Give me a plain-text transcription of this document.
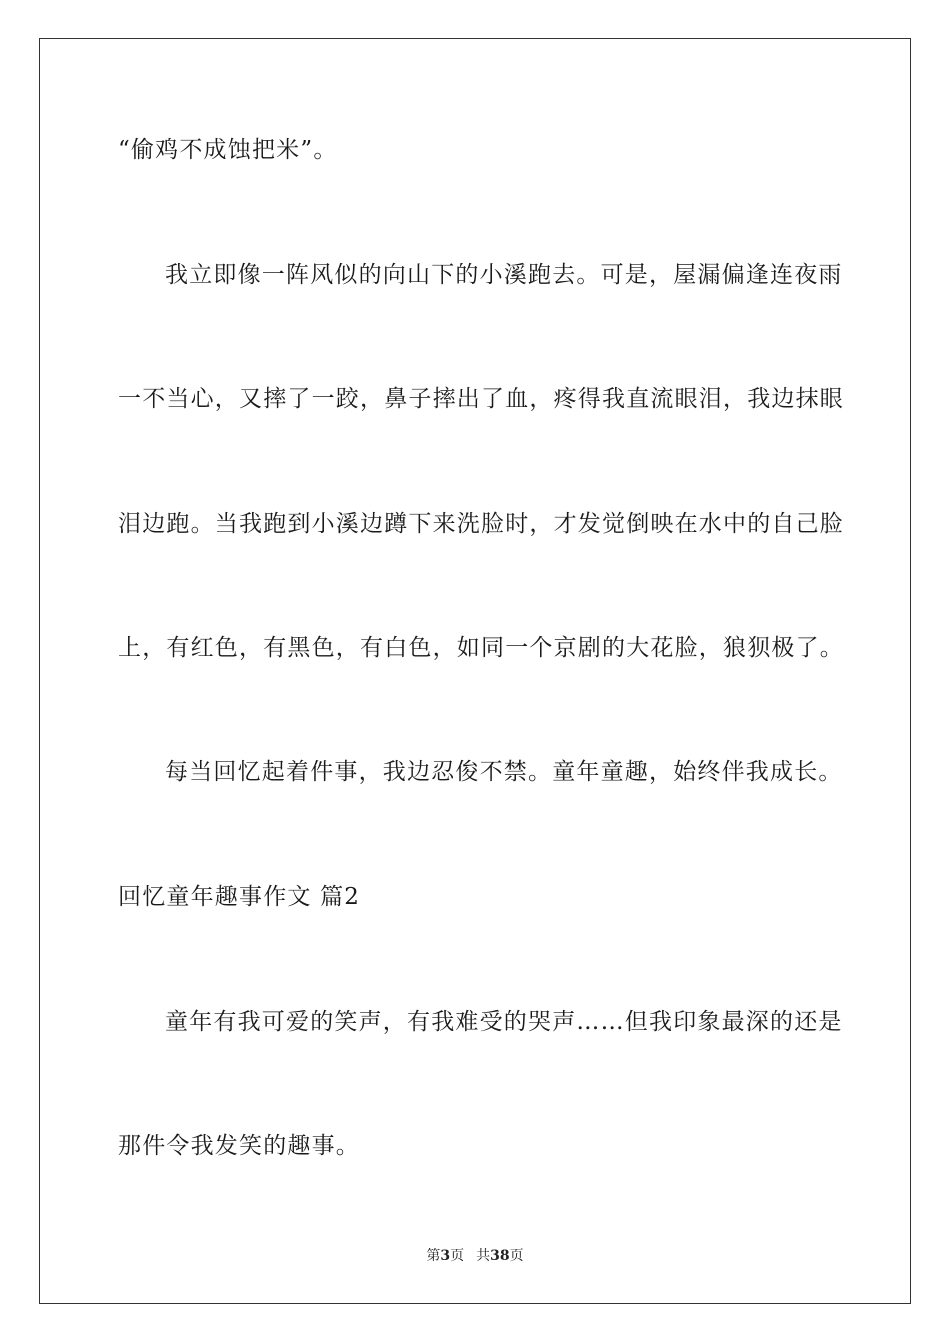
“偷鸡不成蚀把米”。
我立即像一阵风似的向山下的小溪跑去。可是，屋漏偏逢连夜雨
一不当心，又摔了一跤，鼻子摔出了血，疼得我直流眼泪，我边抹眼
泪边跑。当我跑到小溪边蹲下来洗脸时，才发觉倒映在水中的自己脸
上，有红色，有黑色，有白色，如同一个京剧的大花脸，狼狈极了。
每当回忆起着件事，我边忍俊不禁。童年童趣，始终伴我成长。
回忆童年趣事作文 篇2
童年有我可爱的笑声，有我难受的哭声……但我印象最深的还是
那件令我发笑的趣事。
第3页 共38页
